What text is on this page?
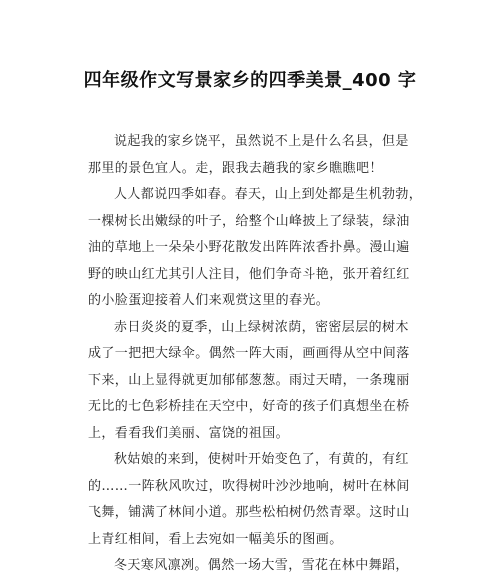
四年级作文写景家乡的四季美景_400 字
说起我的家乡饶平，虽然说不上是什么名县，但是
那里的景色宜人。走，跟我去趟我的家乡瞧瞧吧！
人人都说四季如春。春天，山上到处都是生机勃勃，
一棵树长出嫩绿的叶子，给整个山峰披上了绿装，绿油
油的草地上一朵朵小野花散发出阵阵浓香扑鼻。漫山遍
野的映山红尤其引人注目，他们争奇斗艳，张开着红红
的小脸蛋迎接着人们来观赏这里的春光。
赤日炎炎的夏季，山上绿树浓荫，密密层层的树木
成了一把把大绿伞。偶然一阵大雨，画画得从空中间落
下来，山上显得就更加郁郁葱葱。雨过天晴，一条瑰丽
无比的七色彩桥挂在天空中，好奇的孩子们真想坐在桥
上，看看我们美丽、富饶的祖国。
秋姑娘的来到，使树叶开始变色了，有黄的，有红
的……一阵秋风吹过，吹得树叶沙沙地响，树叶在林间
飞舞，铺满了林间小道。那些松柏树仍然青翠。这时山
上青红相间，看上去宛如一幅美乐的图画。
冬天寒风凛冽。偶然一场大雪，雪花在林中舞蹈，
